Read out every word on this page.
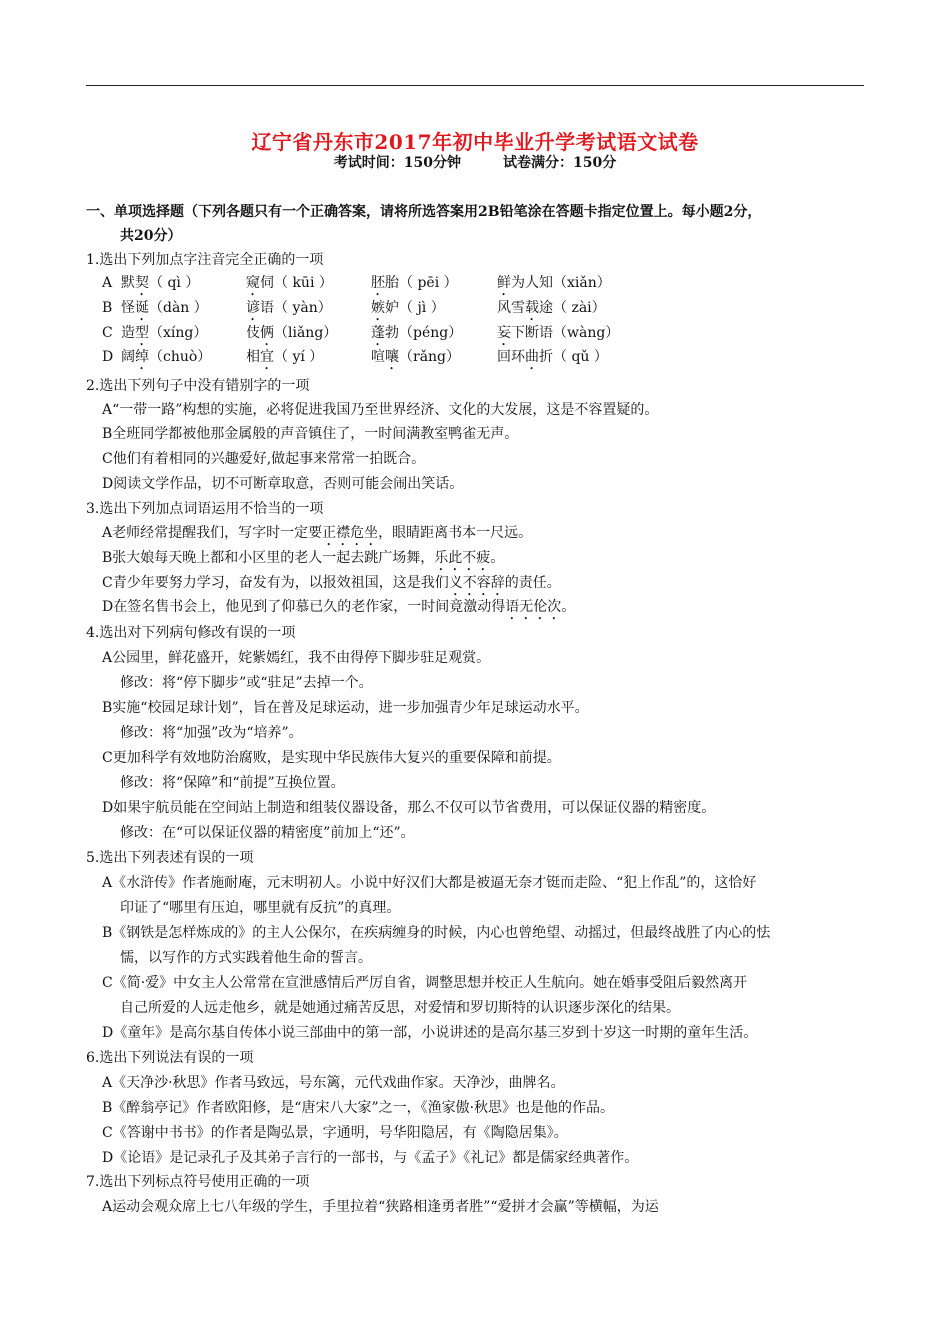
辽宁省丹东市2017年初中毕业升学考试语文试卷
考试时间：150分钟	试卷满分：150分
一、单项选择题（下列各题只有一个正确答案，请将所选答案用2B铅笔涂在答题卡指定位置上。每小题2分，
共20分）
1.选出下列加点字注音完全正确的一项
A 默契（ qì ）	窥伺（ kūi ）	胚胎（ pēi ）	鲜为人知（xiǎn）
B 怪诞（dàn ）	谚语（ yàn）	嫉妒（ jì ）	风雪载途（ zài）
C 造型（xíng）	伎俩（liǎng） 蓬勃（péng） 妄下断语（wàng）
D 阔绰（chuò） 相宜（ yí ）	喧嚷（rǎng）	回环曲折（ qǔ ）
2.选出下列句子中没有错别字的一项
A“一带一路”构想的实施，必将促进我国乃至世界经济、文化的大发展，这是不容置疑的。
B全班同学都被他那金属般的声音镇住了，一时间满教室鸭雀无声。
C他们有着相同的兴趣爱好,做起事来常常一拍既合。
D阅读文学作品，切不可断章取意，否则可能会闹出笑话。
3.选出下列加点词语运用不恰当的一项
A老师经常提醒我们，写字时一定要正襟危坐，眼睛距离书本一尺远。
B张大娘每天晚上都和小区里的老人一起去跳广场舞，乐此不疲。
C青少年要努力学习，奋发有为，以报效祖国，这是我们义不容辞的责任。
D在签名售书会上，他见到了仰慕已久的老作家，一时间竟激动得语无伦次。
4.选出对下列病句修改有误的一项
A公园里，鲜花盛开，姹紫嫣红，我不由得停下脚步驻足观赏。
修改：将“停下脚步”或“驻足”去掉一个。
B实施“校园足球计划”，旨在普及足球运动，进一步加强青少年足球运动水平。
修改：将“加强”改为“培养”。
C更加科学有效地防治腐败，是实现中华民族伟大复兴的重要保障和前提。
修改：将“保障”和“前提”互换位置。
D如果宇航员能在空间站上制造和组装仪器设备，那么不仅可以节省费用，可以保证仪器的精密度。
修改：在“可以保证仪器的精密度”前加上“还”。
5.选出下列表述有误的一项
A《水浒传》作者施耐庵，元末明初人。小说中好汉们大都是被逼无奈才铤而走险、“犯上作乱”的，这恰好
印证了“哪里有压迫，哪里就有反抗”的真理。
B《钢铁是怎样炼成的》的主人公保尔，在疾病缠身的时候，内心也曾绝望、动摇过，但最终战胜了内心的怯
懦，以写作的方式实践着他生命的誓言。
C《简·爱》中女主人公常常在宣泄感情后严厉自省，调整思想并校正人生航向。她在婚事受阻后毅然离开
自己所爱的人远走他乡，就是她通过痛苦反思，对爱情和罗切斯特的认识逐步深化的结果。
D《童年》是高尔基自传体小说三部曲中的第一部，小说讲述的是高尔基三岁到十岁这一时期的童年生活。
6.选出下列说法有误的一项
A《天净沙·秋思》作者马致远，号东篱，元代戏曲作家。天净沙，曲牌名。
B《醉翁亭记》作者欧阳修，是“唐宋八大家”之一，《渔家傲·秋思》也是他的作品。
C《答谢中书书》的作者是陶弘景，字通明，号华阳隐居，有《陶隐居集》。
D《论语》是记录孔子及其弟子言行的一部书，与《孟子》《礼记》都是儒家经典著作。
7.选出下列标点符号使用正确的一项
A运动会观众席上七八年级的学生，手里拉着“狭路相逢勇者胜”“爱拼才会赢”等横幅，为运
